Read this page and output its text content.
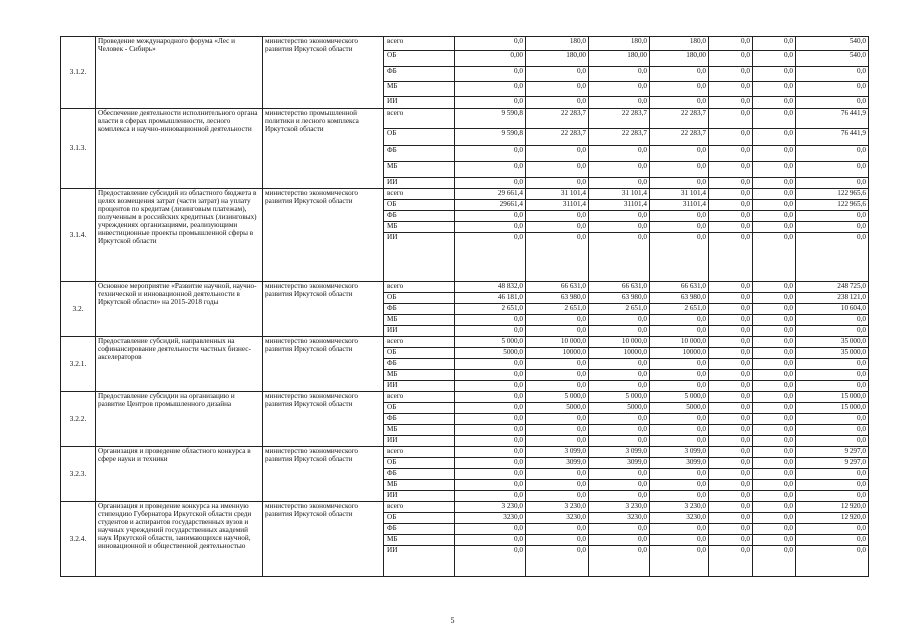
3.1.2.	Проведение международного форума «Лес и Человек - Сибирь»	министерство экономического развития Иркутской области	всего	0,0	180,0	180,0	180,0	0,0	0,0	540,0
			ОБ	0,00	180,00	180,00	180,00	0,0	0,0	540,0
			ФБ	0,0	0,0	0,0	0,0	0,0	0,0	0,0
			МБ	0,0	0,0	0,0	0,0	0,0	0,0	0,0
			ИИ	0,0	0,0	0,0	0,0	0,0	0,0	0,0
3.1.3.	Обеспечение деятельности исполнительного органа власти в сферах промышленности, лесного комплекса и научно-инновационной деятельности	министерство промышленной политики и лесного комплекса Иркутской области	всего	9 590,8	22 283,7	22 283,7	22 283,7	0,0	0,0	76 441,9
			ОБ	9 590,8	22 283,7	22 283,7	22 283,7	0,0	0,0	76 441,9
			ФБ	0,0	0,0	0,0	0,0	0,0	0,0	0,0
			МБ	0,0	0,0	0,0	0,0	0,0	0,0	0,0
			ИИ	0,0	0,0	0,0	0,0	0,0	0,0	0,0
3.1.4.	Предоставление субсидий из областного бюджета в целях возмещения затрат (части затрат) на уплату процентов по кредитам (лизинговым платежам), полученным в российских кредитных (лизинговых) учреждениях организациями, реализующими инвестиционные проекты промышленной сферы в Иркутской области	министерство экономического развития Иркутской области	всего	29 661,4	31 101,4	31 101,4	31 101,4	0,0	0,0	122 965,6
			ОБ	29661,4	31101,4	31101,4	31101,4	0,0	0,0	122 965,6
			ФБ	0,0	0,0	0,0	0,0	0,0	0,0	0,0
			МБ	0,0	0,0	0,0	0,0	0,0	0,0	0,0
			ИИ	0,0	0,0	0,0	0,0	0,0	0,0	0,0
3.2.	Основное мероприятие «Развитие научной, научно-технической и инновационной деятельности в Иркутской области» на 2015-2018 годы	министерство экономического развития Иркутской области	всего	48 832,0	66 631,0	66 631,0	66 631,0	0,0	0,0	248 725,0
			ОБ	46 181,0	63 980,0	63 980,0	63 980,0	0,0	0,0	238 121,0
			ФБ	2 651,0	2 651,0	2 651,0	2 651,0	0,0	0,0	10 604,0
			МБ	0,0	0,0	0,0	0,0	0,0	0,0	0,0
			ИИ	0,0	0,0	0,0	0,0	0,0	0,0	0,0
3.2.1.	Предоставление субсидий, направленных на софинансирование деятельности частных бизнес-акселераторов	министерство экономического развития Иркутской области	всего	5 000,0	10 000,0	10 000,0	10 000,0	0,0	0,0	35 000,0
			ОБ	5000,0	10000,0	10000,0	10000,0	0,0	0,0	35 000,0
			ФБ	0,0	0,0	0,0	0,0	0,0	0,0	0,0
			МБ	0,0	0,0	0,0	0,0	0,0	0,0	0,0
			ИИ	0,0	0,0	0,0	0,0	0,0	0,0	0,0
3.2.2.	Предоставление субсидии на организацию и развитие Центров промышленного дизайна	министерство экономического развития Иркутской области	всего	0,0	5 000,0	5 000,0	5 000,0	0,0	0,0	15 000,0
			ОБ	0,0	5000,0	5000,0	5000,0	0,0	0,0	15 000,0
			ФБ	0,0	0,0	0,0	0,0	0,0	0,0	0,0
			МБ	0,0	0,0	0,0	0,0	0,0	0,0	0,0
			ИИ	0,0	0,0	0,0	0,0	0,0	0,0	0,0
3.2.3.	Организация и проведение областного конкурса в сфере науки и техники	министерство экономического развития Иркутской области	всего	0,0	3 099,0	3 099,0	3 099,0	0,0	0,0	9 297,0
			ОБ	0,0	3099,0	3099,0	3099,0	0,0	0,0	9 297,0
			ФБ	0,0	0,0	0,0	0,0	0,0	0,0	0,0
			МБ	0,0	0,0	0,0	0,0	0,0	0,0	0,0
			ИИ	0,0	0,0	0,0	0,0	0,0	0,0	0,0
3.2.4.	Организация и проведение конкурса на именную стипендию Губернатора Иркутской области среди студентов и аспирантов государственных вузов и научных учреждений государственных академий наук Иркутской области, занимающихся научной, инновационной и общественной деятельностью	министерство экономического развития Иркутской области	всего	3 230,0	3 230,0	3 230,0	3 230,0	0,0	0,0	12 920,0
			ОБ	3230,0	3230,0	3230,0	3230,0	0,0	0,0	12 920,0
			ФБ	0,0	0,0	0,0	0,0	0,0	0,0	0,0
			МБ	0,0	0,0	0,0	0,0	0,0	0,0	0,0
			ИИ	0,0	0,0	0,0	0,0	0,0	0,0	0,0
5
